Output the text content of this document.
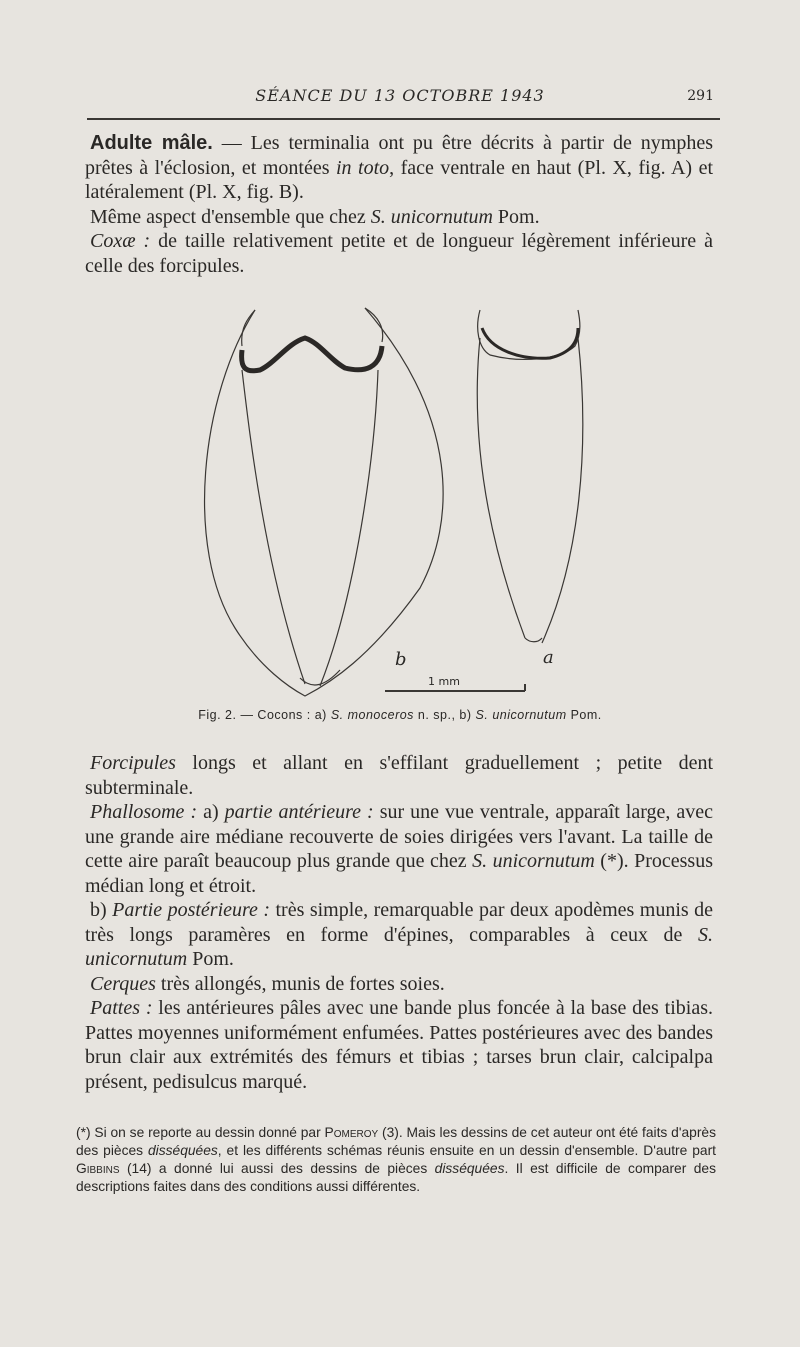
SÉANCE DU 13 OCTOBRE 1943	291

Adulte mâle. — Les terminalia ont pu être décrits à partir de nymphes prêtes à l'éclosion, et montées in toto, face ventrale en haut (Pl. X, fig. A) et latéralement (Pl. X, fig. B).

Même aspect d'ensemble que chez S. unicornutum Pom.

Coxæ : de taille relativement petite et de longueur légèrement inférieure à celle des forcipules.

b	a
1 mm
Fig. 2. — Cocons : a) S. monoceros n. sp., b) S. unicornutum Pom.

Forcipules longs et allant en s'effilant graduellement ; petite dent subterminale.

Phallosome : a) partie antérieure : sur une vue ventrale, apparaît large, avec une grande aire médiane recouverte de soies dirigées vers l'avant. La taille de cette aire paraît beaucoup plus grande que chez S. unicornutum (*). Processus médian long et étroit.

b) Partie postérieure : très simple, remarquable par deux apodèmes munis de très longs paramères en forme d'épines, comparables à ceux de S. unicornutum Pom.

Cerques très allongés, munis de fortes soies.

Pattes : les antérieures pâles avec une bande plus foncée à la base des tibias. Pattes moyennes uniformément enfumées. Pattes postérieures avec des bandes brun clair aux extrémités des fémurs et tibias ; tarses brun clair, calcipalpa présent, pedisulcus marqué.

(*) Si on se reporte au dessin donné par Pomeroy (3). Mais les dessins de cet auteur ont été faits d'après des pièces disséquées, et les différents schémas réunis ensuite en un dessin d'ensemble. D'autre part Gibbins (14) a donné lui aussi des dessins de pièces disséquées. Il est difficile de comparer des descriptions faites dans des conditions aussi différentes.
